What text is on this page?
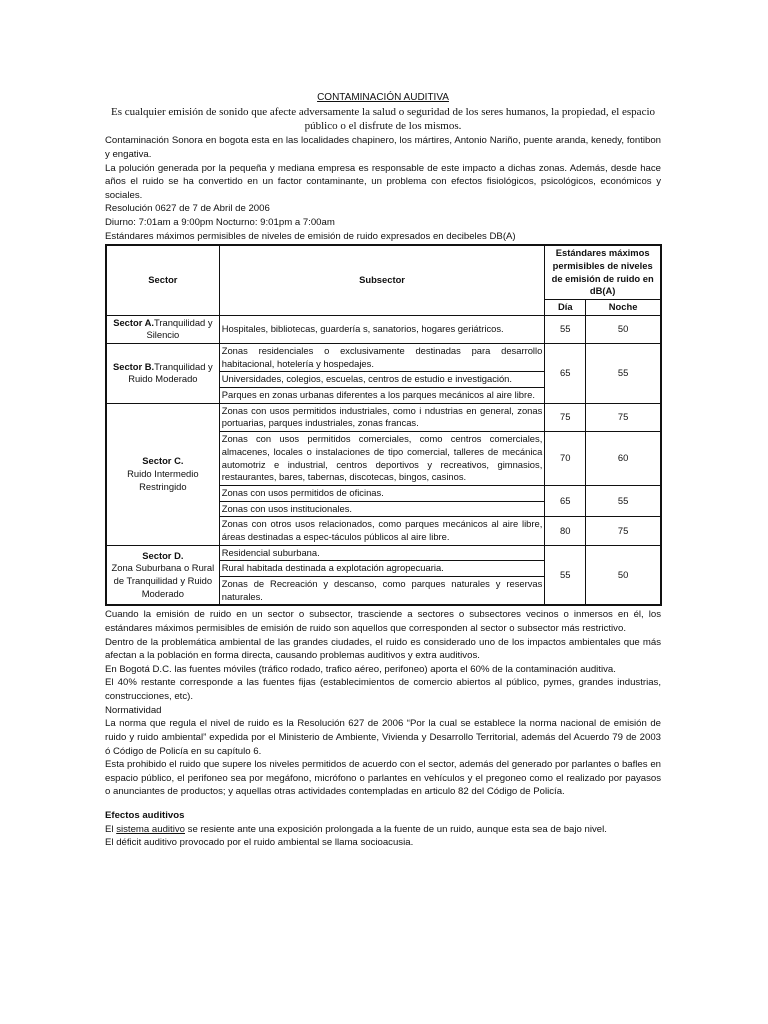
CONTAMINACIÓN AUDITIVA

Es cualquier emisión de sonido que afecte adversamente la salud o seguridad de los seres humanos, la propiedad, el espacio público o el disfrute de los mismos.

Contaminación Sonora en bogota esta en las localidades chapinero, los mártires, Antonio Nariño, puente aranda, kenedy, fontibon y engativa.

La polución generada por la pequeña y mediana empresa es responsable de este impacto a dichas zonas. Además, desde hace años el ruido se ha convertido en un factor contaminante, un problema con efectos fisiológicos, psicológicos, económicos y sociales.

Resolución 0627 de 7 de Abril de 2006

Diurno: 7:01am a 9:00pm Nocturno: 9:01pm a 7:00am

Estándares máximos permisibles de niveles de emisión de ruido expresados en decibeles DB(A)

Sector	Subsector	Estándares máximos permisibles de niveles de emisión de ruido en dB(A)	
		Día	Noche
Sector A.Tranquilidad y Silencio	Hospitales, bibliotecas, guardería s, sanatorios, hogares geriátricos.	55	50
Sector B.Tranquilidad y Ruido Moderado	Zonas residenciales o exclusivamente destinadas para desarrollo habitacional, hotelería y hospedajes.	65	55
	Universidades, colegios, escuelas, centros de estudio e investigación.		
	Parques en zonas urbanas diferentes a los parques mecánicos al aire libre.		
Sector C.
Ruido Intermedio Restringido	Zonas con usos permitidos industriales, como i ndustrias en general, zonas portuarias, parques industriales, zonas francas.	75	75
	Zonas con usos permitidos comerciales, como centros comerciales, almacenes, locales o instalaciones de tipo comercial, talleres de mecánica automotriz e industrial, centros deportivos y recreativos, gimnasios, restaurantes, bares, tabernas, discotecas, bingos, casinos.	70	60
	Zonas con usos permitidos de oficinas.	65	55
	Zonas con usos institucionales.		
	Zonas con otros usos relacionados, como parques mecánicos al aire libre, áreas destinadas a espec-táculos públicos al aire libre.	80	75
Sector D.
Zona Suburbana o Rural de Tranquilidad y Ruido Moderado	Residencial suburbana.	55	50
	Rural habitada destinada a explotación agropecuaria.		
	Zonas de Recreación y descanso, como parques naturales y reservas naturales.		

Cuando la emisión de ruido en un sector o subsector, trasciende a sectores o subsectores vecinos o inmersos en él, los estándares máximos permisibles de emisión de ruido son aquellos que corresponden al sector o subsector más restrictivo.

Dentro de la problemática ambiental de las grandes ciudades, el ruido es considerado uno de los impactos ambientales que más afectan a la población en forma directa, causando problemas auditivos y extra auditivos.

En Bogotá D.C. las fuentes móviles (tráfico rodado, trafico aéreo, perifoneo) aporta el 60% de la contaminación auditiva.

El 40% restante corresponde a las fuentes fijas (establecimientos de comercio abiertos al público, pymes, grandes industrias, construcciones, etc).

Normatividad

La norma que regula el nivel de ruido es la Resolución 627 de 2006 “Por la cual se establece la norma nacional de emisión de ruido y ruido ambiental” expedida por el Ministerio de Ambiente, Vivienda y Desarrollo Territorial, además del Acuerdo 79 de 2003 ó Código de Policía en su capítulo 6.

Esta prohibido el ruido que supere los niveles permitidos de acuerdo con el sector, además del generado por parlantes o bafles en espacio público, el perifoneo sea por megáfono, micrófono o parlantes en vehículos y el pregoneo como el realizado por payasos o anunciantes de productos; y aquellas otras actividades contempladas en articulo 82 del Código de Policía.

Efectos auditivos

El sistema auditivo se resiente ante una exposición prolongada a la fuente de un ruido, aunque esta sea de bajo nivel.

El déficit auditivo provocado por el ruido ambiental se llama socioacusia.
